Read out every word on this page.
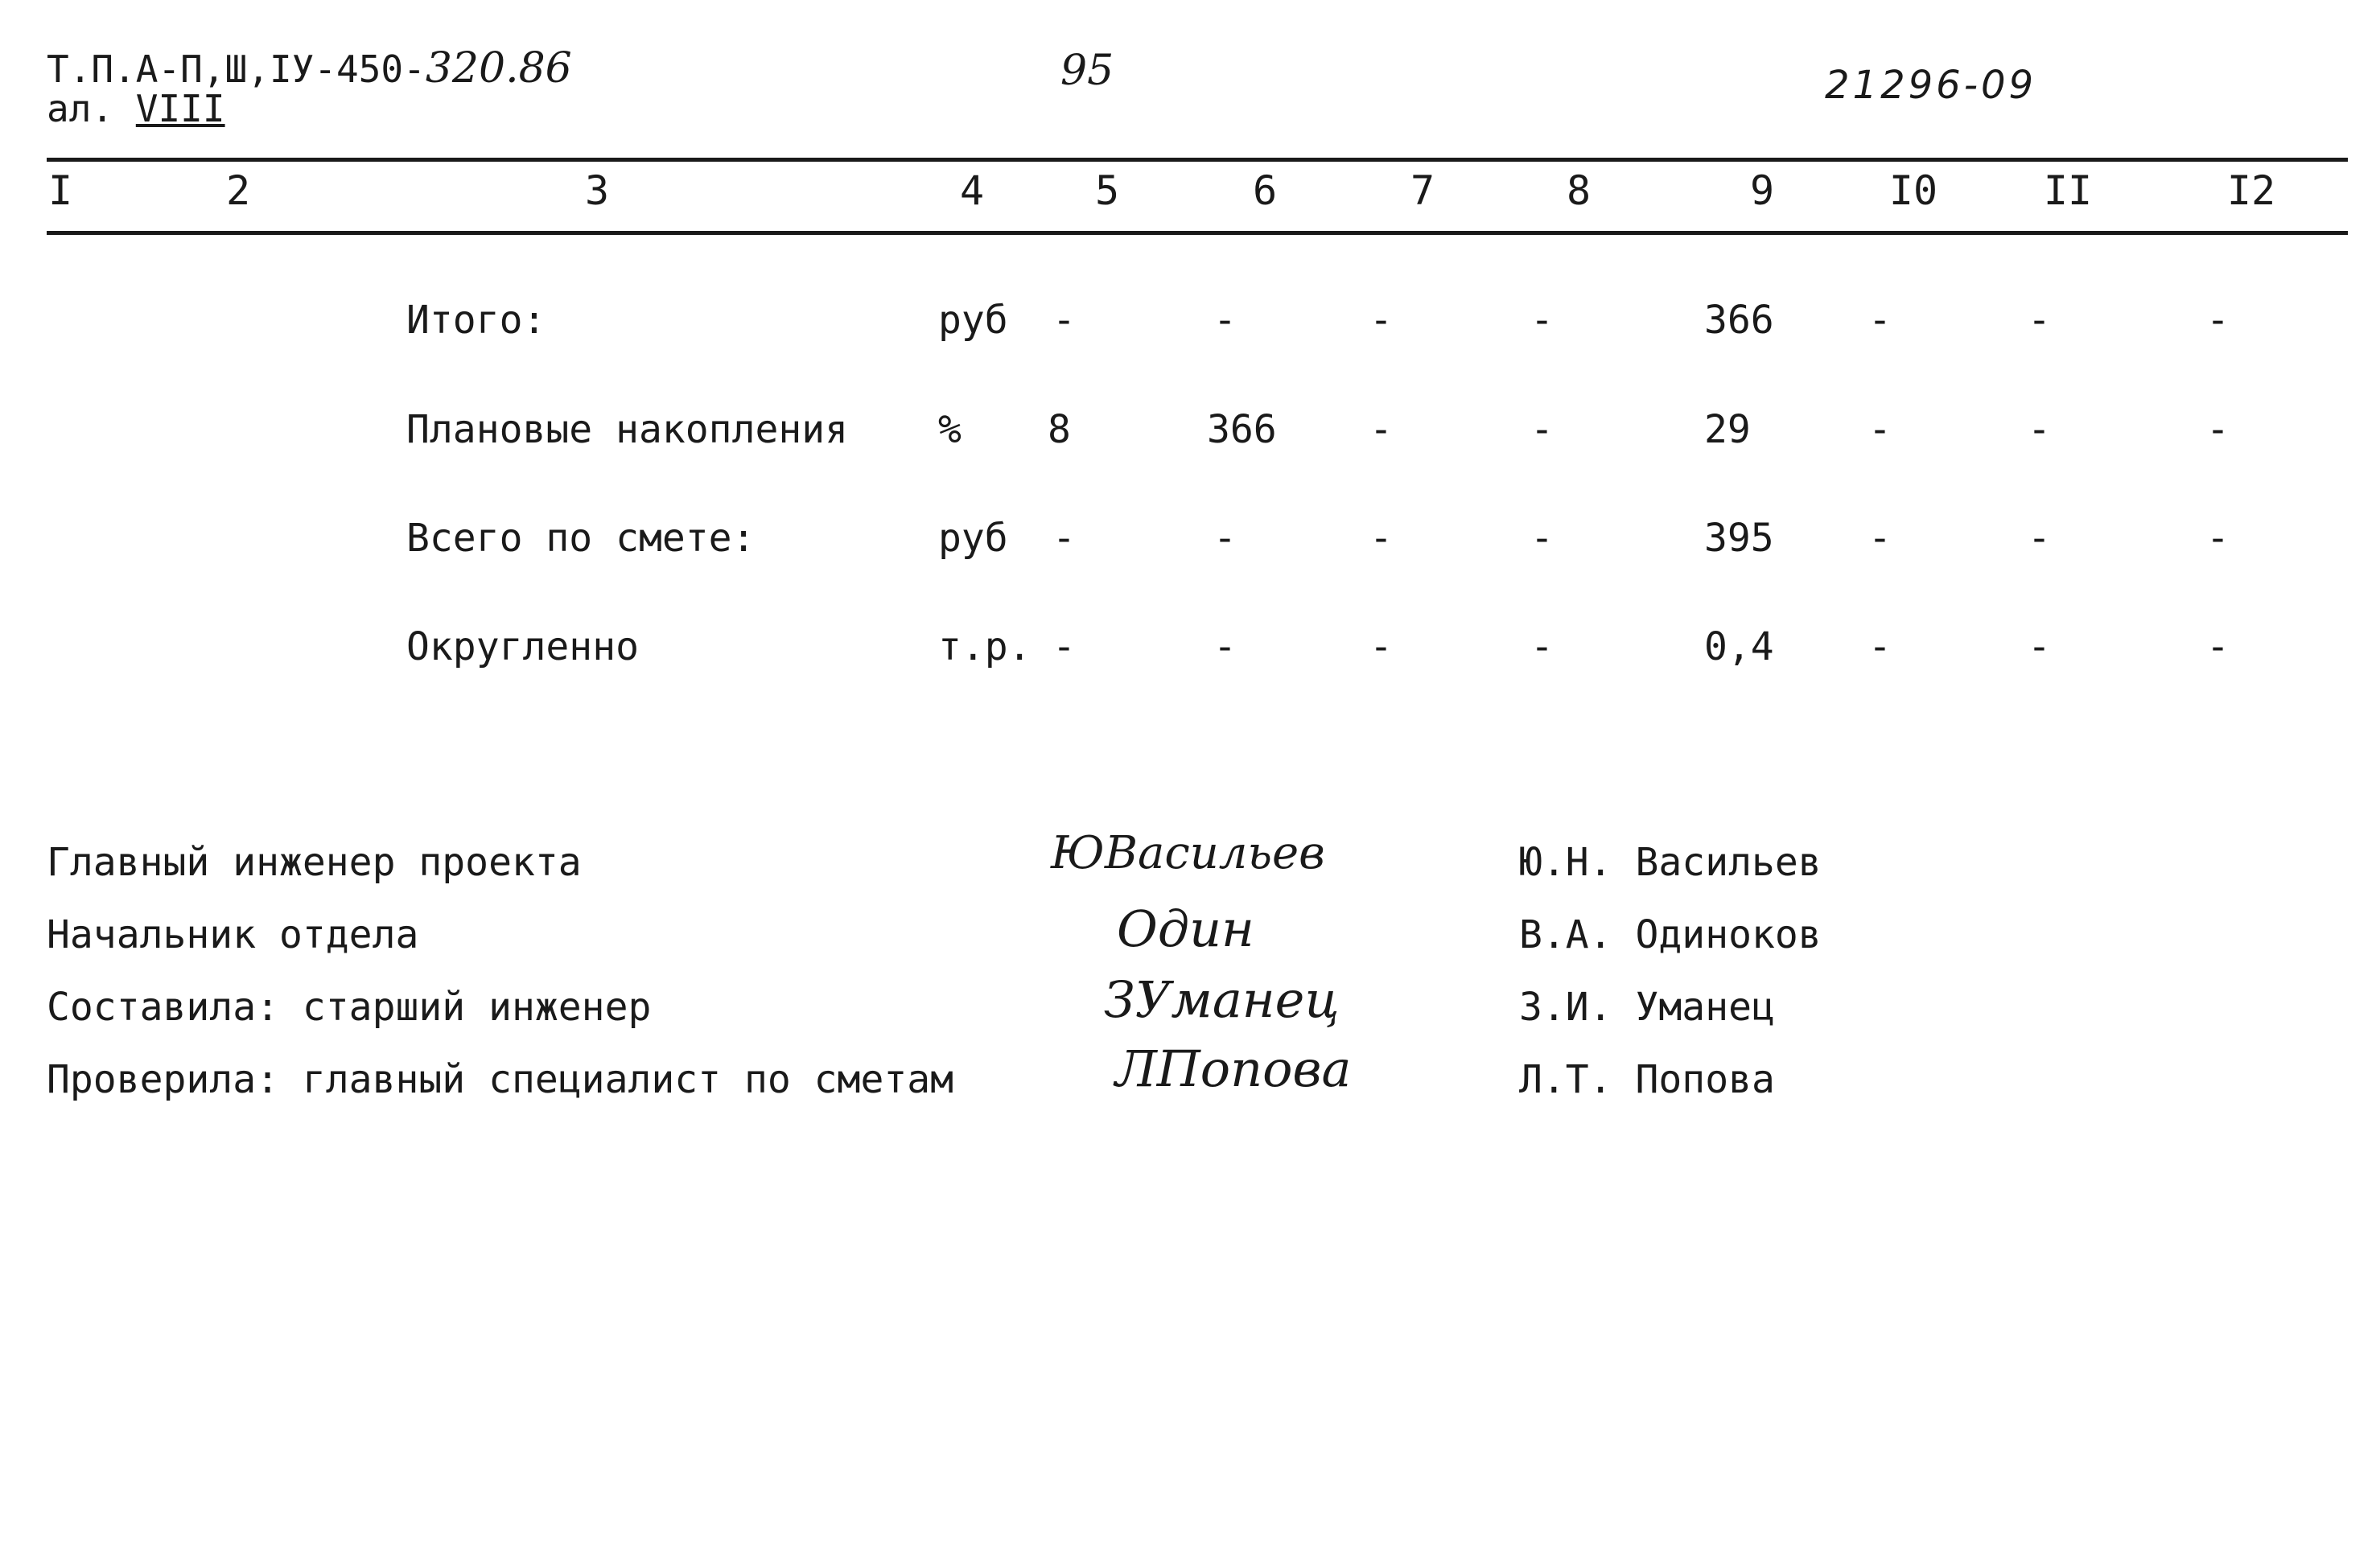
Т.П.А-П,Ш,IУ-450-320.86
ал. VIII
95	21296-09
I	2	3	4	5	6	7	8	9	I0	II	I2
Итого:	руб -	-	-	-	366 -	-	-
Плановые накопления % 8	366 -	-	29	-	-	-
Всего по смете:	руб -	-	-	-	395 -	-	-
Округленно	т.р. -	-	-	-	0,4 -	-	-
Главный инженер проекта	ЮВасильев	Ю.Н. Васильев
Начальник отдела	Один	В.А. Одиноков
Составила: старший инженер	ЗУманец	З.И. Уманец
Проверила: главный специалист по сметам	ЛПопова	Л.Т. Попова
